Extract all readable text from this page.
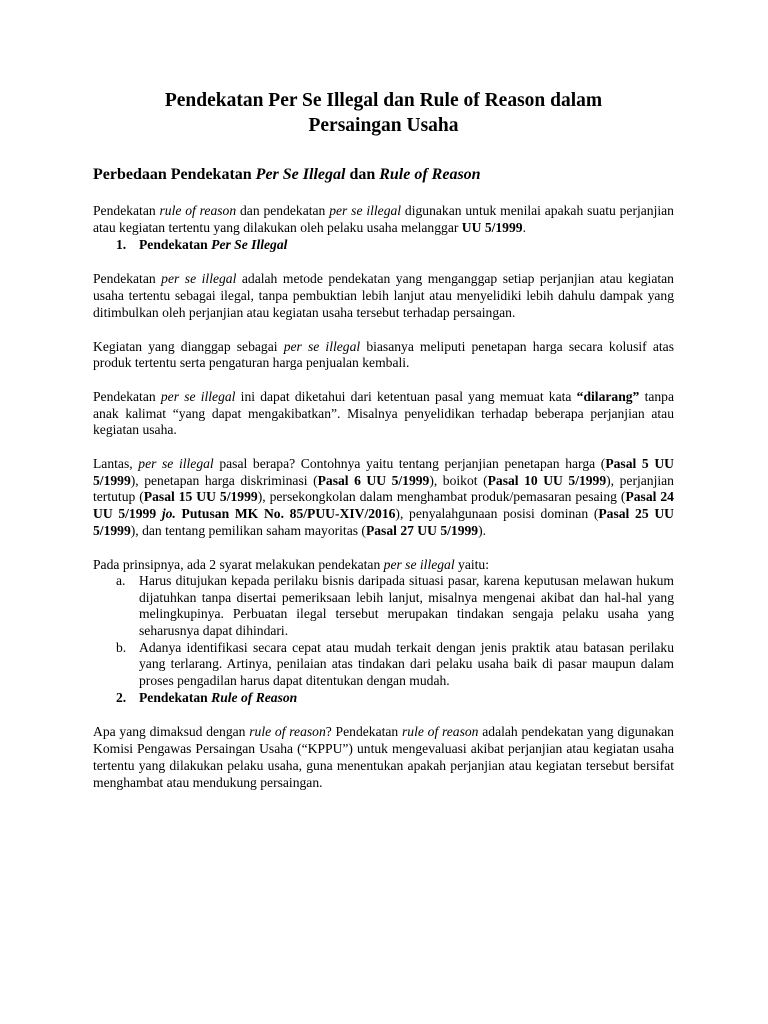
Pendekatan Per Se Illegal dan Rule of Reason dalam
Persaingan Usaha
Perbedaan Pendekatan Per Se Illegal dan Rule of Reason

Pendekatan rule of reason dan pendekatan per se illegal digunakan untuk menilai apakah suatu perjanjian atau kegiatan tertentu yang dilakukan oleh pelaku usaha melanggar UU 5/1999.

1. Pendekatan Per Se Illegal

Pendekatan per se illegal adalah metode pendekatan yang menganggap setiap perjanjian atau kegiatan usaha tertentu sebagai ilegal, tanpa pembuktian lebih lanjut atau menyelidiki lebih dahulu dampak yang ditimbulkan oleh perjanjian atau kegiatan usaha tersebut terhadap persaingan.

Kegiatan yang dianggap sebagai per se illegal biasanya meliputi penetapan harga secara kolusif atas produk tertentu serta pengaturan harga penjualan kembali.

Pendekatan per se illegal ini dapat diketahui dari ketentuan pasal yang memuat kata “dilarang” tanpa anak kalimat “yang dapat mengakibatkan”. Misalnya penyelidikan terhadap beberapa perjanjian atau kegiatan usaha.

Lantas, per se illegal pasal berapa? Contohnya yaitu tentang perjanjian penetapan harga (Pasal 5 UU 5/1999), penetapan harga diskriminasi (Pasal 6 UU 5/1999), boikot (Pasal 10 UU 5/1999), perjanjian tertutup (Pasal 15 UU 5/1999), persekongkolan dalam menghambat produk/pemasaran pesaing (Pasal 24 UU 5/1999 jo. Putusan MK No. 85/PUU-XIV/2016), penyalahgunaan posisi dominan (Pasal 25 UU 5/1999), dan tentang pemilikan saham mayoritas (Pasal 27 UU 5/1999).

Pada prinsipnya, ada 2 syarat melakukan pendekatan per se illegal yaitu:

a. Harus ditujukan kepada perilaku bisnis daripada situasi pasar, karena keputusan melawan hukum dijatuhkan tanpa disertai pemeriksaan lebih lanjut, misalnya mengenai akibat dan hal-hal yang melingkupinya. Perbuatan ilegal tersebut merupakan tindakan sengaja pelaku usaha yang seharusnya dapat dihindari.
b. Adanya identifikasi secara cepat atau mudah terkait dengan jenis praktik atau batasan perilaku yang terlarang. Artinya, penilaian atas tindakan dari pelaku usaha baik di pasar maupun dalam proses pengadilan harus dapat ditentukan dengan mudah.
2. Pendekatan Rule of Reason

Apa yang dimaksud dengan rule of reason? Pendekatan rule of reason adalah pendekatan yang digunakan Komisi Pengawas Persaingan Usaha (“KPPU”) untuk mengevaluasi akibat perjanjian atau kegiatan usaha tertentu yang dilakukan pelaku usaha, guna menentukan apakah perjanjian atau kegiatan tersebut bersifat menghambat atau mendukung persaingan.
